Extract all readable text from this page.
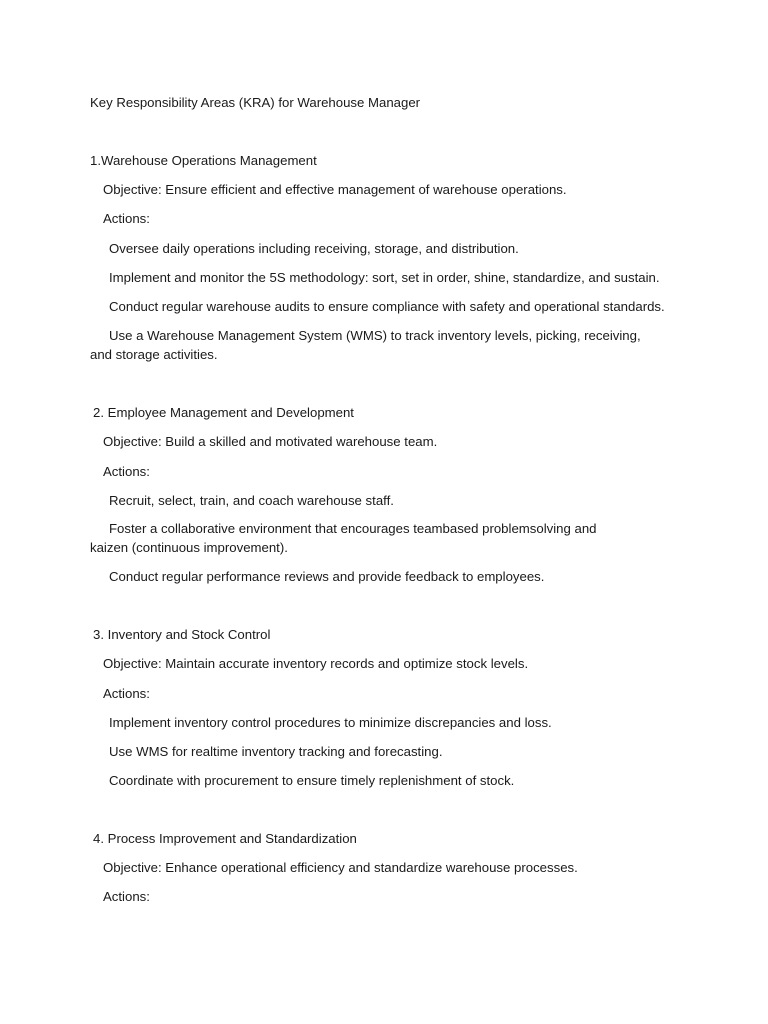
Key Responsibility Areas (KRA) for Warehouse Manager
1.Warehouse Operations Management
Objective: Ensure efficient and effective management of warehouse operations.
Actions:
Oversee daily operations including receiving, storage, and distribution.
Implement and monitor the 5S methodology: sort, set in order, shine, standardize, and sustain.
Conduct regular warehouse audits to ensure compliance with safety and operational standards.
Use a Warehouse Management System (WMS) to track inventory levels, picking, receiving, and storage activities.
2. Employee Management and Development
Objective: Build a skilled and motivated warehouse team.
Actions:
Recruit, select, train, and coach warehouse staff.
Foster a collaborative environment that encourages teambased problemsolving and kaizen (continuous improvement).
Conduct regular performance reviews and provide feedback to employees.
3. Inventory and Stock Control
Objective: Maintain accurate inventory records and optimize stock levels.
Actions:
Implement inventory control procedures to minimize discrepancies and loss.
Use WMS for realtime inventory tracking and forecasting.
Coordinate with procurement to ensure timely replenishment of stock.
4. Process Improvement and Standardization
Objective: Enhance operational efficiency and standardize warehouse processes.
Actions:
